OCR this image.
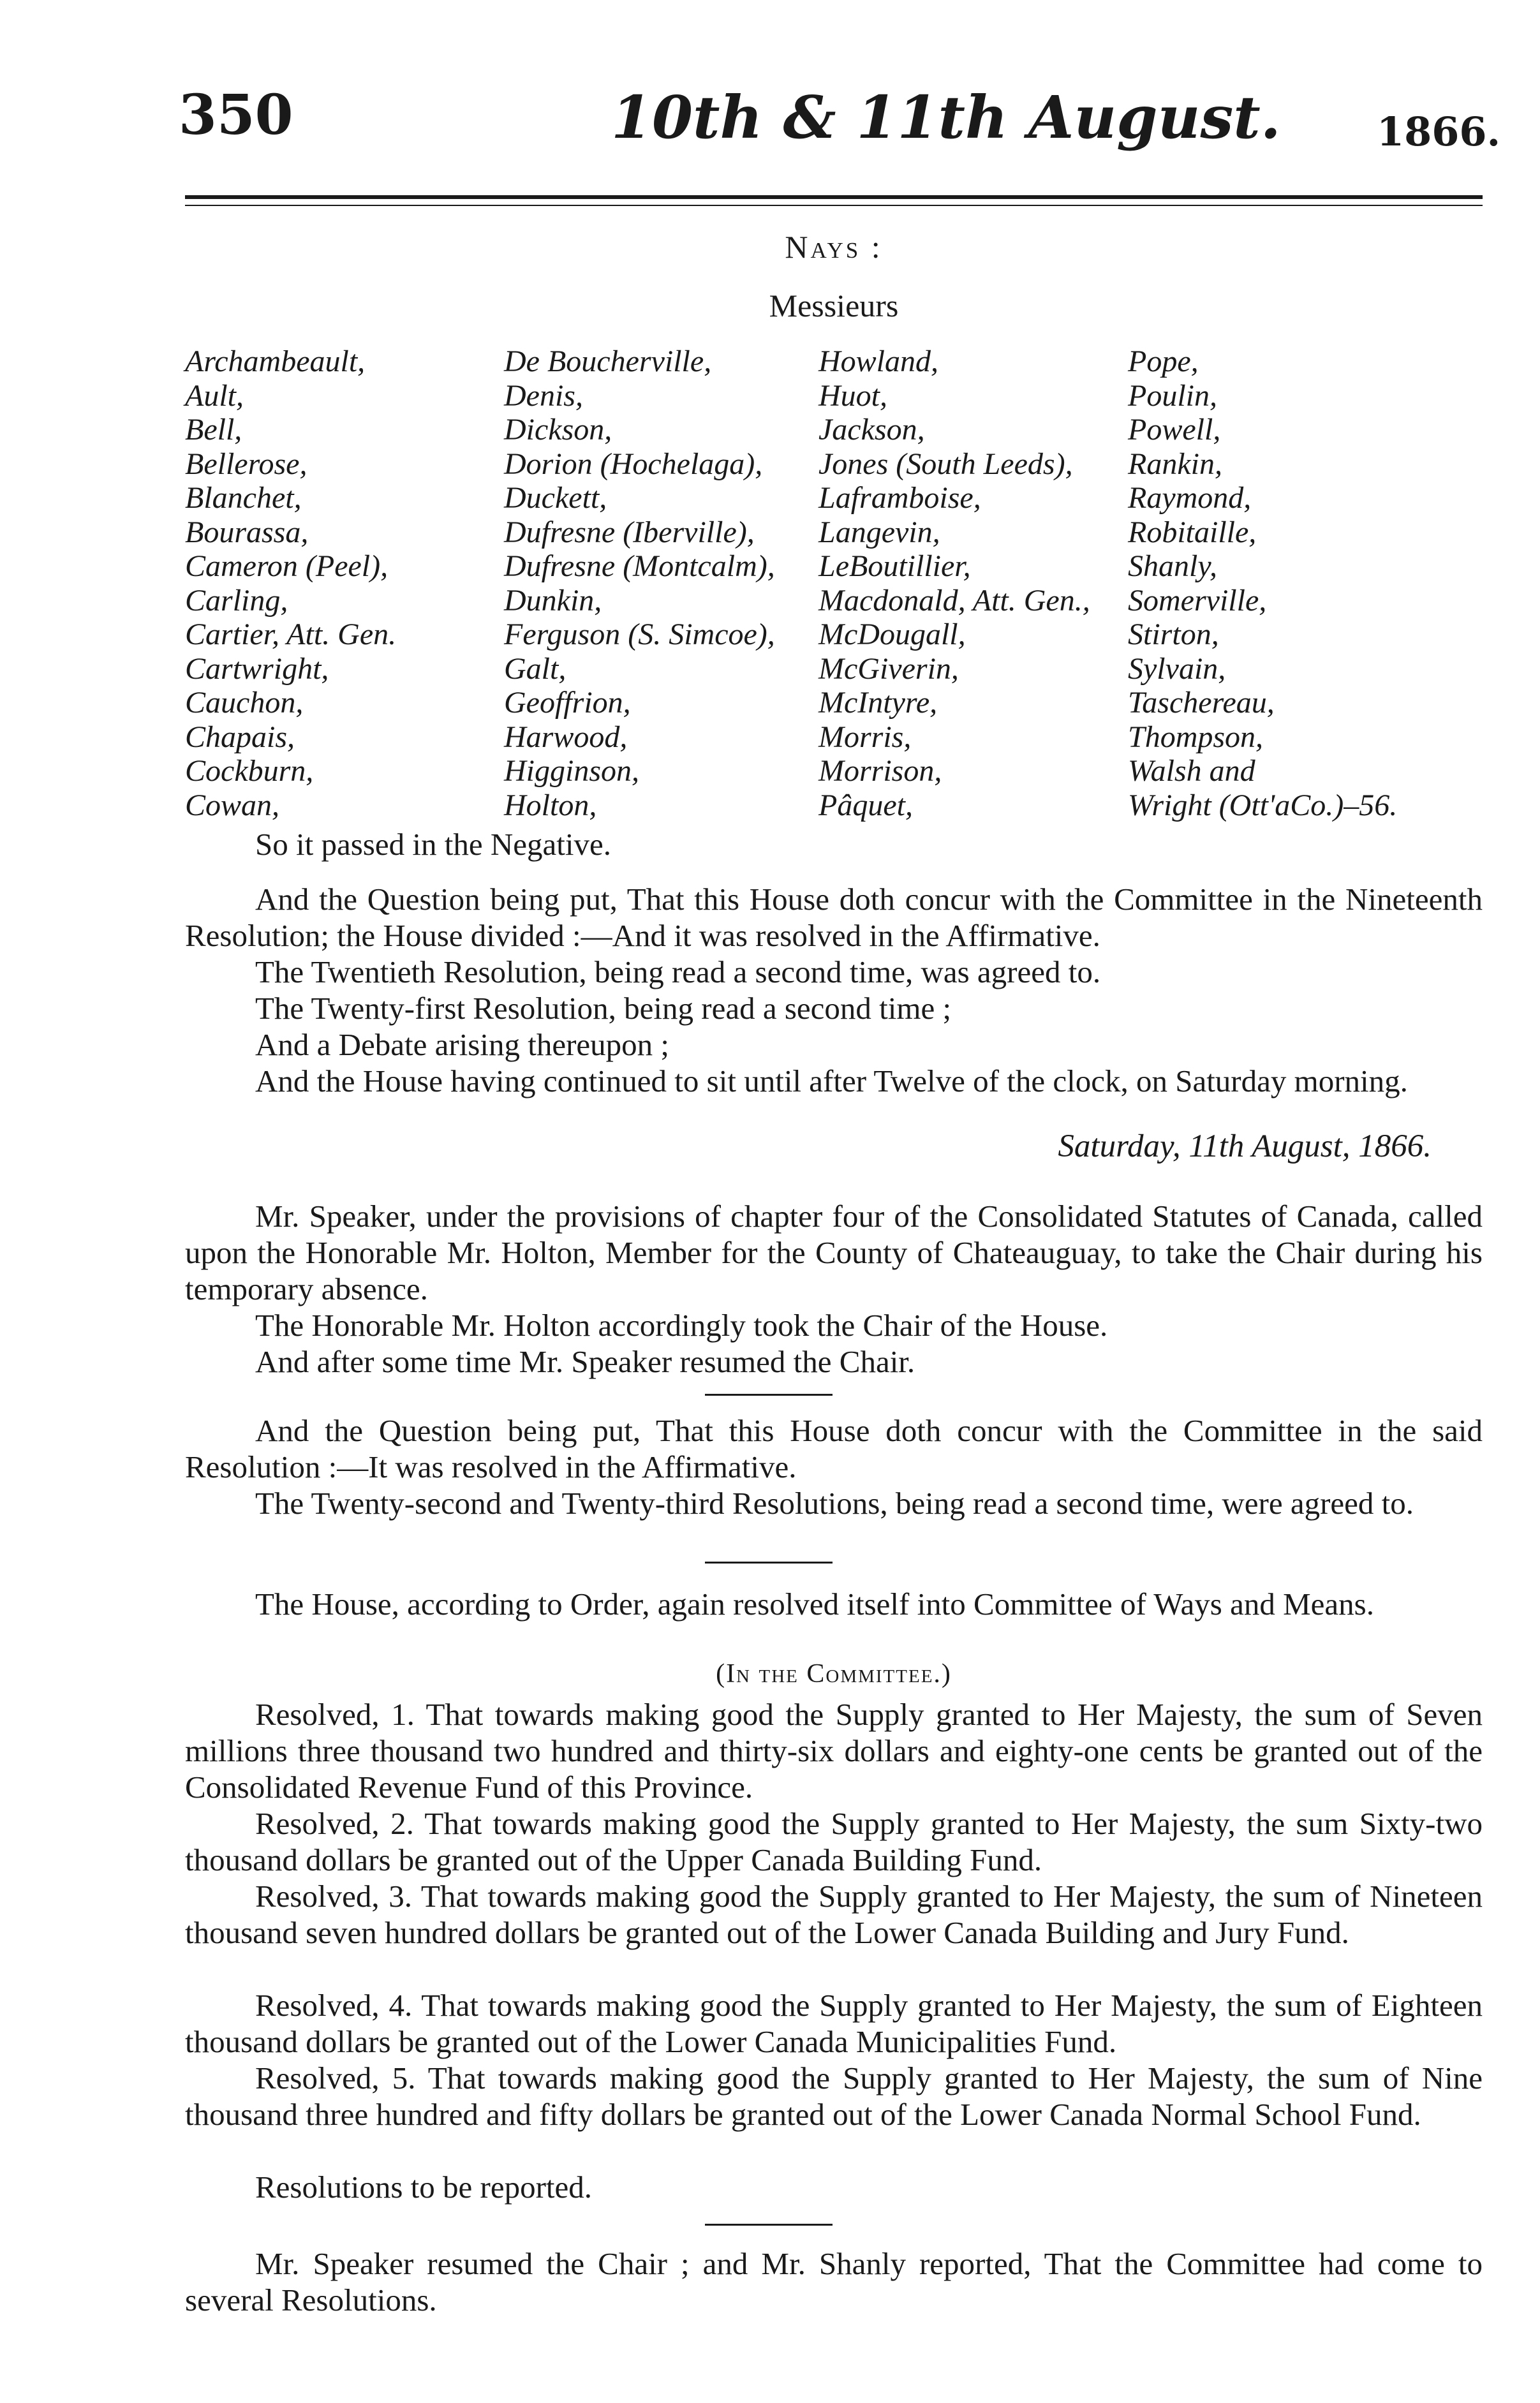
350	10th & 11th August. 1866.
Nays :
Messieurs
Archambeault,
Ault,
Bell,
Bellerose,
Blanchet,
Bourassa,
Cameron (Peel),
Carling,
Cartier, Att. Gen.
Cartwright,
Cauchon,
Chapais,
Cockburn,
Cowan,
De Boucherville,
Denis,
Dickson,
Dorion (Hochelaga),
Duckett,
Dufresne (Iberville),
Dufresne (Montcalm),
Dunkin,
Ferguson (S. Simcoe),
Galt,
Geoffrion,
Harwood,
Higginson,
Holton,
Howland,
Huot,
Jackson,
Jones (South Leeds),
Laframboise,
Langevin,
LeBoutillier,
Macdonald, Att. Gen.,
McDougall,
McGiverin,
McIntyre,
Morris,
Morrison,
Pâquet,
Pope,
Poulin,
Powell,
Rankin,
Raymond,
Robitaille,
Shanly,
Somerville,
Stirton,
Sylvain,
Taschereau,
Thompson,
Walsh and
Wright (Ott'aCo.)–56.
So it passed in the Negative.
And the Question being put, That this House doth concur with the Committee in the Nineteenth Resolution; the House divided :—And it was resolved in the Affirmative.
The Twentieth Resolution, being read a second time, was agreed to.
The Twenty-first Resolution, being read a second time ;
And a Debate arising thereupon ;
And the House having continued to sit until after Twelve of the clock, on Saturday morning.
Saturday, 11th August, 1866.
Mr. Speaker, under the provisions of chapter four of the Consolidated Statutes of Canada, called upon the Honorable Mr. Holton, Member for the County of Chateauguay, to take the Chair during his temporary absence.
The Honorable Mr. Holton accordingly took the Chair of the House.
And after some time Mr. Speaker resumed the Chair.
And the Question being put, That this House doth concur with the Committee in the said Resolution :—It was resolved in the Affirmative.
The Twenty-second and Twenty-third Resolutions, being read a second time, were agreed to.
The House, according to Order, again resolved itself into Committee of Ways and Means.
(In the Committee.)
Resolved, 1. That towards making good the Supply granted to Her Majesty, the sum of Seven millions three thousand two hundred and thirty-six dollars and eighty-one cents be granted out of the Consolidated Revenue Fund of this Province.
Resolved, 2. That towards making good the Supply granted to Her Majesty, the sum Sixty-two thousand dollars be granted out of the Upper Canada Building Fund.
Resolved, 3. That towards making good the Supply granted to Her Majesty, the sum of Nineteen thousand seven hundred dollars be granted out of the Lower Canada Building and Jury Fund.
Resolved, 4. That towards making good the Supply granted to Her Majesty, the sum of Eighteen thousand dollars be granted out of the Lower Canada Municipalities Fund.
Resolved, 5. That towards making good the Supply granted to Her Majesty, the sum of Nine thousand three hundred and fifty dollars be granted out of the Lower Canada Normal School Fund.
Resolutions to be reported.
Mr. Speaker resumed the Chair ; and Mr. Shanly reported, That the Committee had come to several Resolutions.
